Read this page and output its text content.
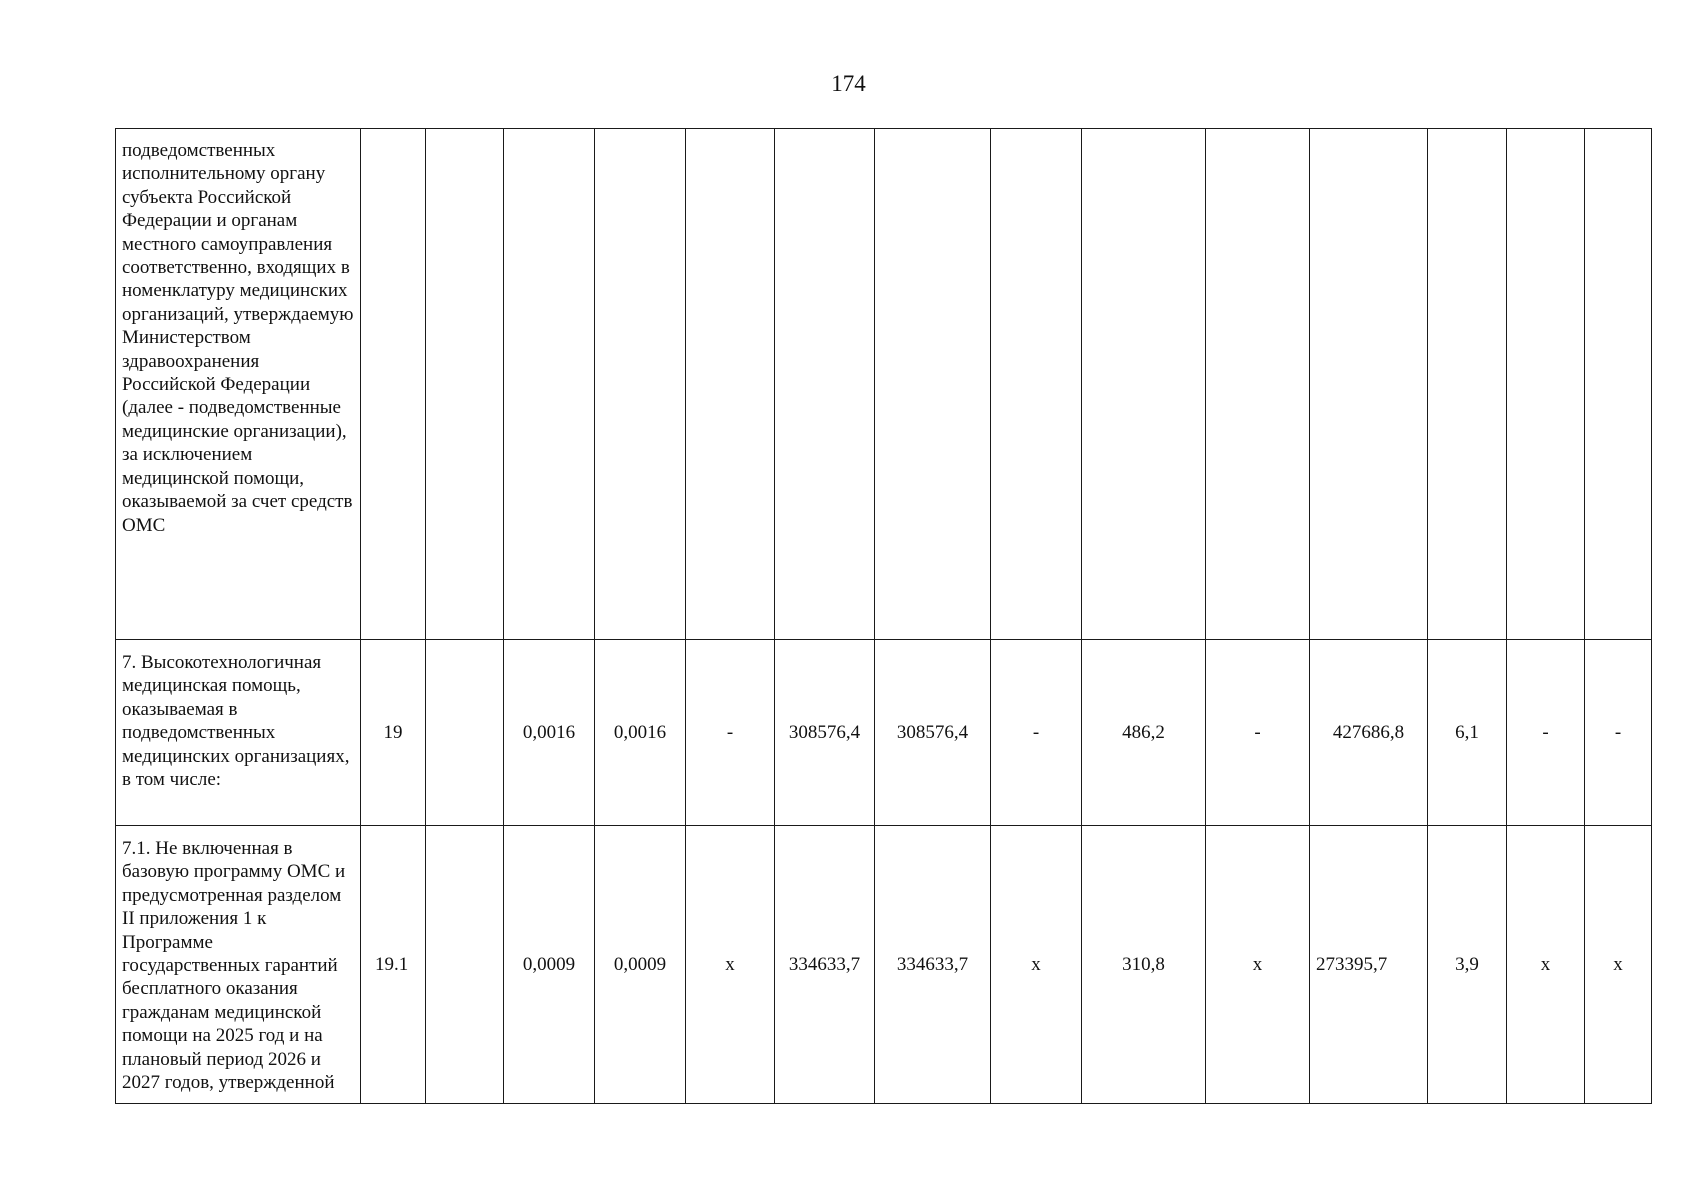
174
подведомственных исполнительному органу субъекта Российской Федерации и органам местного самоуправления соответственно, входящих в номенклатуру медицинских организаций, утверждаемую Министерством здравоохранения Российской Федерации (далее - подведомственные медицинские организации), за исключением медицинской помощи, оказываемой за счет средств ОМС														
7. Высокотехнологичная медицинская помощь, оказываемая в подведомственных медицинских организациях, в том числе:	19		0,0016	0,0016	-	308576,4	308576,4	-	486,2	-	427686,8	6,1	-	-
7.1. Не включенная в базовую программу ОМС и предусмотренная разделом II приложения 1 к Программе государственных гарантий бесплатного оказания гражданам медицинской помощи на 2025 год и на плановый период 2026 и 2027 годов, утвержденной	19.1		0,0009	0,0009	х	334633,7	334633,7	х	310,8	х	273395,7	3,9	х	х
